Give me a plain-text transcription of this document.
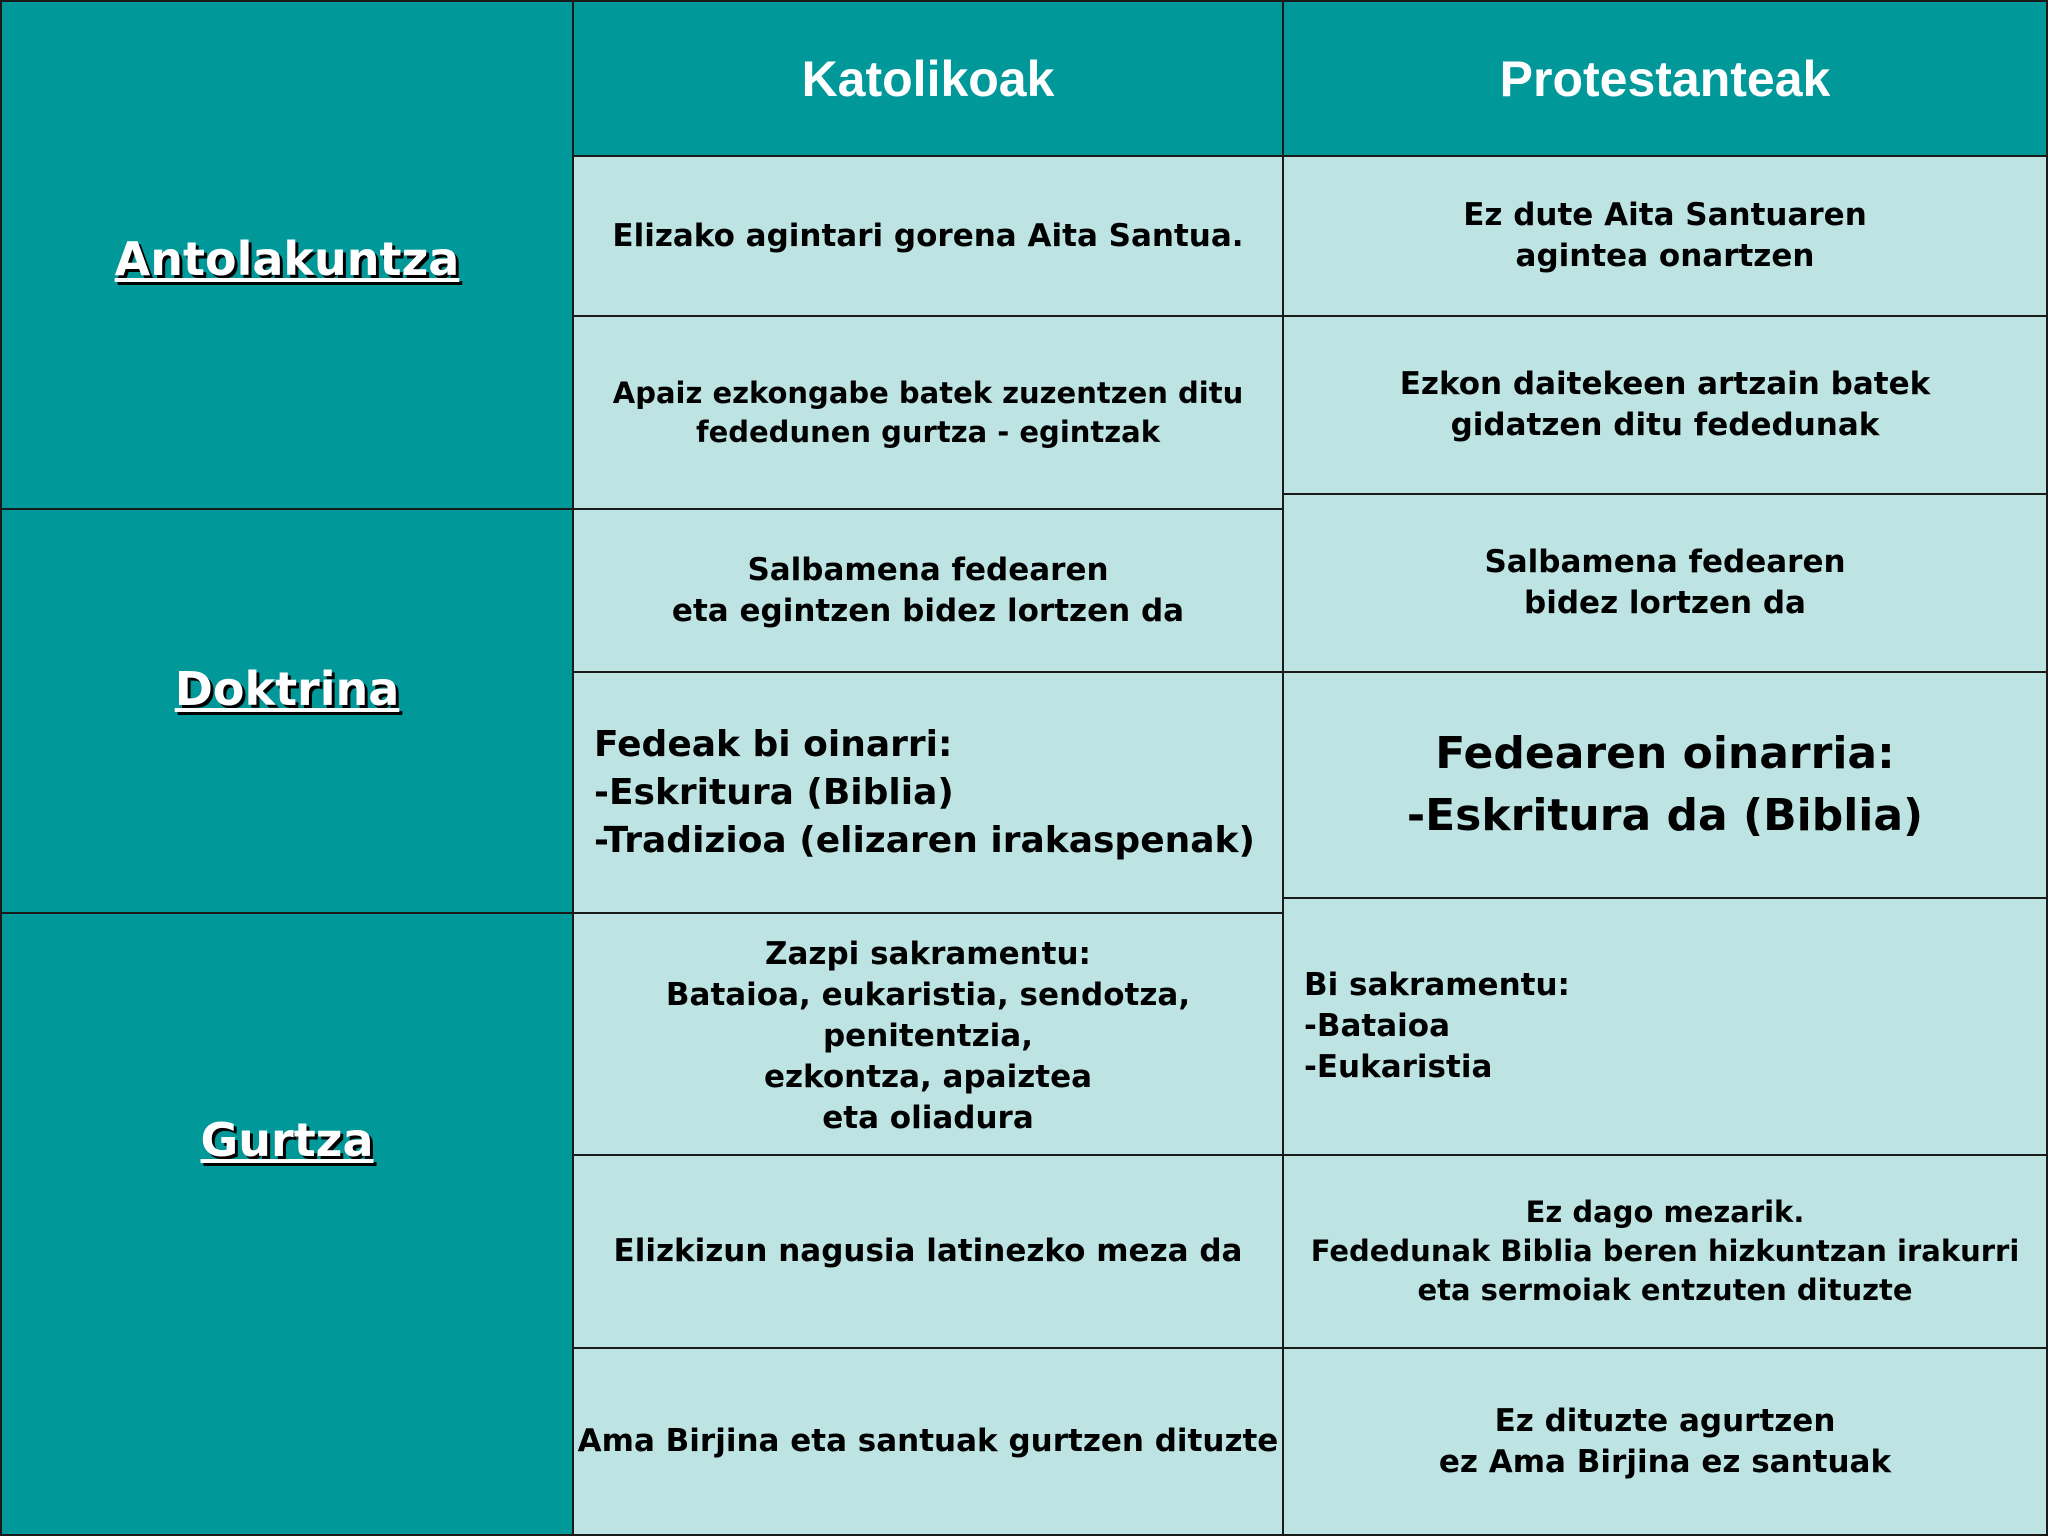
Antolakuntza
Doktrina
Gurtza
Katolikoak	Protestanteak
Elizako agintari gorena Aita Santua.
Apaiz ezkongabe batek zuzentzen ditu
fededunen gurtza - egintzak
Salbamena fedearen
eta egintzen bidez lortzen da
Fedeak bi oinarri:
-Eskritura (Biblia)
-Tradizioa (elizaren irakaspenak)
Zazpi sakramentu:
Bataioa, eukaristia, sendotza,
penitentzia,
ezkontza, apaiztea
eta oliadura
Elizkizun nagusia latinezko meza da
Ama Birjina eta santuak gurtzen dituzte
Ez dute Aita Santuaren
agintea onartzen
Ezkon daitekeen artzain batek
gidatzen ditu fededunak
Salbamena fedearen
bidez lortzen da
Fedearen oinarria:
-Eskritura da (Biblia)
Bi sakramentu:
-Bataioa
-Eukaristia
Ez dago mezarik.
Fededunak Biblia beren hizkuntzan irakurri
eta sermoiak entzuten dituzte
Ez dituzte agurtzen
ez Ama Birjina ez santuak
